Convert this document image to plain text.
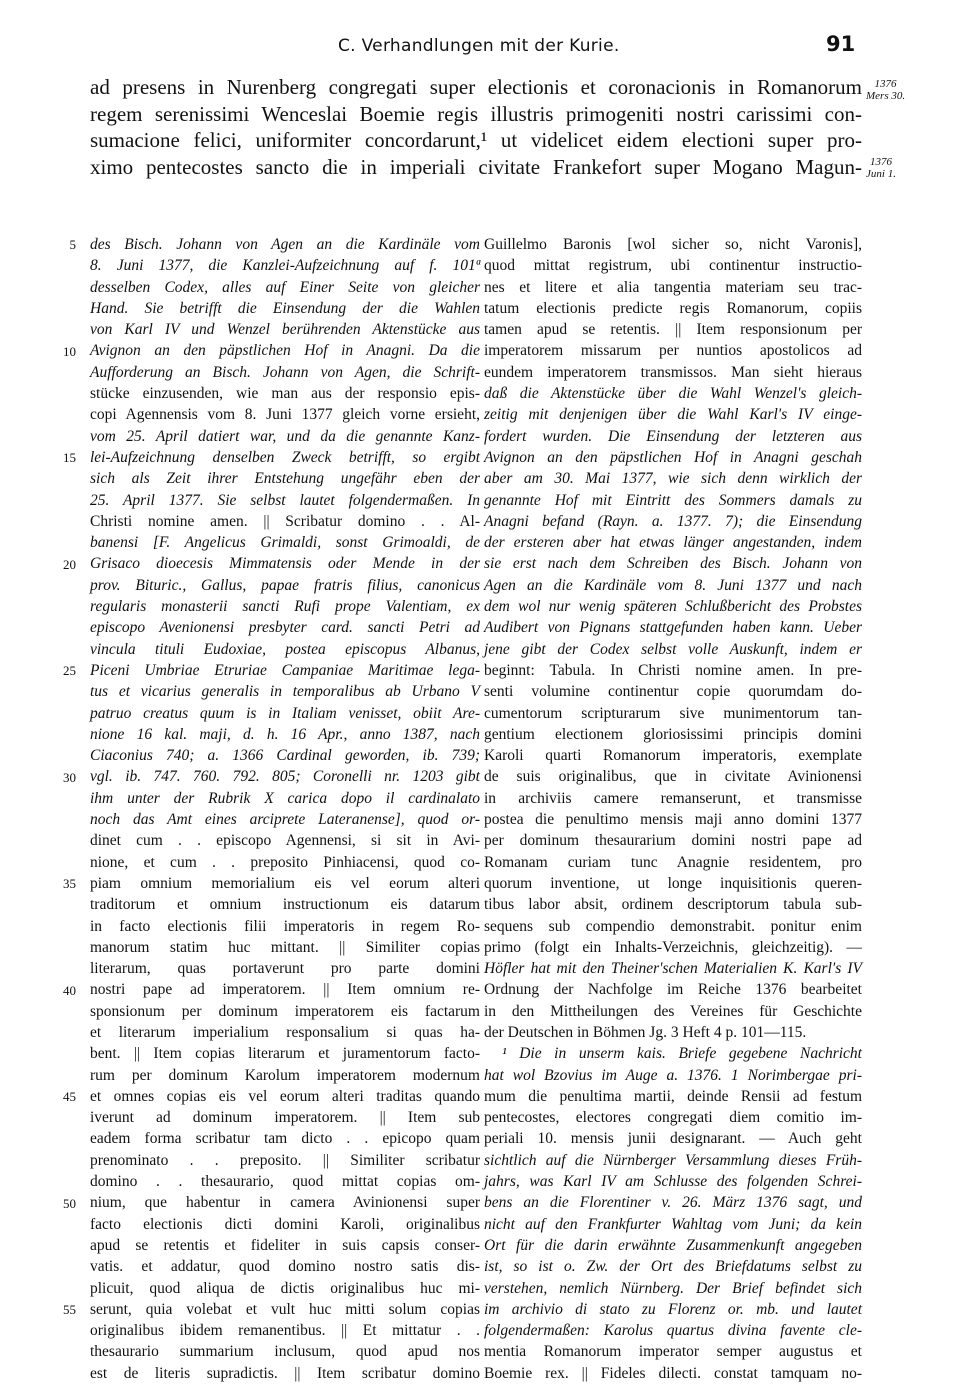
C. Verhandlungen mit der Kurie.	91
ad presens in Nurenberg congregati super electionis et coronacionis in Romanorum
regem serenissimi Wenceslai Boemie regis illustris primogeniti nostri carissimi con-
sumacione felici, uniformiter concordarunt,¹ ut videlicet eidem electioni super pro-
ximo pentecostes sancto die in imperiali civitate Frankefort super Mogano Magun-
1376
Mers 30.
1376
Juni 1.
5
10
15
20
25
30
35
40
45
50
55
des Bisch. Johann von Agen an die Kardinäle vom
8. Juni 1377, die Kanzlei-Aufzeichnung auf f. 101ª
desselben Codex, alles auf Einer Seite von gleicher
Hand. Sie betrifft die Einsendung der die Wahlen
von Karl IV und Wenzel berührenden Aktenstücke aus
Avignon an den päpstlichen Hof in Anagni. Da die
Aufforderung an Bisch. Johann von Agen, die Schrift-
stücke einzusenden, wie man aus der responsio epis-
copi Agennensis vom 8. Juni 1377 gleich vorne ersieht,
vom 25. April datiert war, und da die genannte Kanz-
lei-Aufzeichnung denselben Zweck betrifft, so ergibt
sich als Zeit ihrer Entstehung ungefähr eben der
25. April 1377. Sie selbst lautet folgendermaßen. In
Christi nomine amen. || Scribatur domino . . Al-
banensi [F. Angelicus Grimaldi, sonst Grimoaldi, de
Grisaco dioecesis Mimmatensis oder Mende in der
prov. Bituric., Gallus, papae fratris filius, canonicus
regularis monasterii sancti Rufi prope Valentiam, ex
episcopo Avenionensi presbyter card. sancti Petri ad
vincula tituli Eudoxiae, postea episcopus Albanus,
Piceni Umbriae Etruriae Campaniae Maritimae lega-
tus et vicarius generalis in temporalibus ab Urbano V
patruo creatus quum is in Italiam venisset, obiit Are-
nione 16 kal. maji, d. h. 16 Apr., anno 1387, nach
Ciaconius 740; a. 1366 Cardinal geworden, ib. 739;
vgl. ib. 747. 760. 792. 805; Coronelli nr. 1203 gibt
ihm unter der Rubrik X carica dopo il cardinalato
noch das Amt eines arciprete Lateranense], quod or-
dinet cum . . episcopo Agennensi, si sit in Avi-
nione, et cum . . preposito Pinhiacensi, quod co-
piam omnium memorialium eis vel eorum alteri
traditorum et omnium instructionum eis datarum
in facto electionis filii imperatoris in regem Ro-
manorum statim huc mittant. || Similiter copias
literarum, quas portaverunt pro parte domini
nostri pape ad imperatorem. || Item omnium re-
sponsionum per dominum imperatorem eis factarum
et literarum imperialium responsalium si quas ha-
bent. || Item copias literarum et juramentorum facto-
rum per dominum Karolum imperatorem modernum
et omnes copias eis vel eorum alteri traditas quando
iverunt ad dominum imperatorem. || Item sub
eadem forma scribatur tam dicto . . epicopo quam
prenominato . . preposito. || Similiter scribatur
domino . . thesaurario, quod mittat copias om-
nium, que habentur in camera Avinionensi super
facto electionis dicti domini Karoli, originalibus
apud se retentis et fideliter in suis capsis conser-
vatis. et addatur, quod domino nostro satis dis-
plicuit, quod aliqua de dictis originalibus huc mi-
serunt, quia volebat et vult huc mitti solum copias
originalibus ibidem remanentibus. || Et mittatur . .
thesaurario summarium inclusum, quod apud nos
est de literis supradictis. || Item scribatur domino
Guillelmo Baronis [wol sicher so, nicht Varonis],
quod mittat registrum, ubi continentur instructio-
nes et litere et alia tangentia materiam seu trac-
tatum electionis predicte regis Romanorum, copiis
tamen apud se retentis. || Item responsionum per
imperatorem missarum per nuntios apostolicos ad
eundem imperatorem transmissos. Man sieht hieraus
daß die Aktenstücke über die Wahl Wenzel's gleich-
zeitig mit denjenigen über die Wahl Karl's IV einge-
fordert wurden. Die Einsendung der letzteren aus
Avignon an den päpstlichen Hof in Anagni geschah
aber am 30. Mai 1377, wie sich denn wirklich der
genannte Hof mit Eintritt des Sommers damals zu
Anagni befand (Rayn. a. 1377. 7); die Einsendung
der ersteren aber hat etwas länger angestanden, indem
sie erst nach dem Schreiben des Bisch. Johann von
Agen an die Kardinäle vom 8. Juni 1377 und nach
dem wol nur wenig späteren Schlußbericht des Probstes
Audibert von Pignans stattgefunden haben kann. Ueber
jene gibt der Codex selbst volle Auskunft, indem er
beginnt: Tabula. In Christi nomine amen. In pre-
senti volumine continentur copie quorumdam do-
cumentorum scripturarum sive munimentorum tan-
gentium electionem gloriosissimi principis domini
Karoli quarti Romanorum imperatoris, exemplate
de suis originalibus, que in civitate Avinionensi
in archiviis camere remanserunt, et transmisse
postea die penultimo mensis maji anno domini 1377
per dominum thesaurarium domini nostri pape ad
Romanam curiam tunc Anagnie residentem, pro
quorum inventione, ut longe inquisitionis queren-
tibus labor absit, ordinem descriptorum tabula sub-
sequens sub compendio demonstrabit. ponitur enim
primo (folgt ein Inhalts-Verzeichnis, gleichzeitig). —
Höfler hat mit den Theiner'schen Materialien K. Karl's IV
Ordnung der Nachfolge im Reiche 1376 bearbeitet
in den Mittheilungen des Vereines für Geschichte
der Deutschen in Böhmen Jg. 3 Heft 4 p. 101—115.
¹ Die in unserm kais. Briefe gegebene Nachricht
hat wol Bzovius im Auge a. 1376. 1 Norimbergae pri-
mum die penultima martii, deinde Rensii ad festum
pentecostes, electores congregati diem comitio im-
periali 10. mensis junii designarant. — Auch geht
sichtlich auf die Nürnberger Versammlung dieses Früh-
jahrs, was Karl IV am Schlusse des folgenden Schrei-
bens an die Florentiner v. 26. März 1376 sagt, und
nicht auf den Frankfurter Wahltag vom Juni; da kein
Ort für die darin erwähnte Zusammenkunft angegeben
ist, so ist o. Zw. der Ort des Briefdatums selbst zu
verstehen, nemlich Nürnberg. Der Brief befindet sich
im archivio di stato zu Florenz or. mb. und lautet
folgendermaßen: Karolus quartus divina favente cle-
mentia Romanorum imperator semper augustus et
Boemie rex. || Fideles dilecti. constat tamquam no-
